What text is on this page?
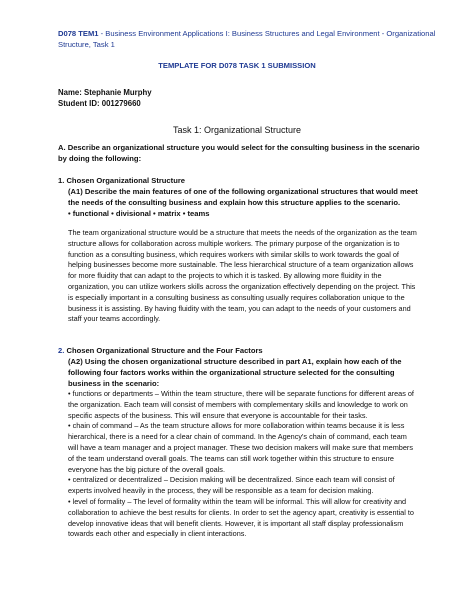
D078 TEM1 - Business Environment Applications I: Business Structures and Legal Environment - Organizational Structure, Task 1
TEMPLATE FOR D078 TASK 1 SUBMISSION
Name: Stephanie Murphy
Student ID: 001279660
Task 1: Organizational Structure
A. Describe an organizational structure you would select for the consulting business in the scenario by doing the following:
1. Chosen Organizational Structure
(A1) Describe the main features of one of the following organizational structures that would meet the needs of the consulting business and explain how this structure applies to the scenario.
• functional • divisional • matrix • teams

The team organizational structure would be a structure that meets the needs of the organization as the team structure allows for collaboration across multiple workers. The primary purpose of the organization is to function as a consulting business, which requires workers with similar skills to work towards the goal of helping businesses become more sustainable. The less hierarchical structure of a team organization allows for more fluidity that can adapt to the projects to which it is tasked. By allowing more fluidity in the organization, you can utilize workers skills across the organization effectively depending on the project. This is especially important in a consulting business as consulting usually requires collaboration unique to the business it is assisting. By having fluidity with the team, you can adapt to the needs of your customers and staff your teams accordingly.

2. Chosen Organizational Structure and the Four Factors
(A2) Using the chosen organizational structure described in part A1, explain how each of the following four factors works within the organizational structure selected for the consulting business in the scenario:

• functions or departments – Within the team structure, there will be separate functions for different areas of the organization. Each team will consist of members with complementary skills and knowledge to work on specific aspects of the business. This will ensure that everyone is accountable for their tasks.

• chain of command – As the team structure allows for more collaboration within teams because it is less hierarchical, there is a need for a clear chain of command. In the Agency's chain of command, each team will have a team manager and a project manager. These two decision makers will make sure that members of the team understand overall goals. The teams can still work together within this structure to ensure everyone has the big picture of the overall goals.

• centralized or decentralized – Decision making will be decentralized. Since each team will consist of experts involved heavily in the process, they will be responsible as a team for decision making.

• level of formality – The level of formality within the team will be informal. This will allow for creativity and collaboration to achieve the best results for clients. In order to set the agency apart, creativity is essential to develop innovative ideas that will benefit clients. However, it is important all staff display professionalism towards each other and especially in client interactions.
